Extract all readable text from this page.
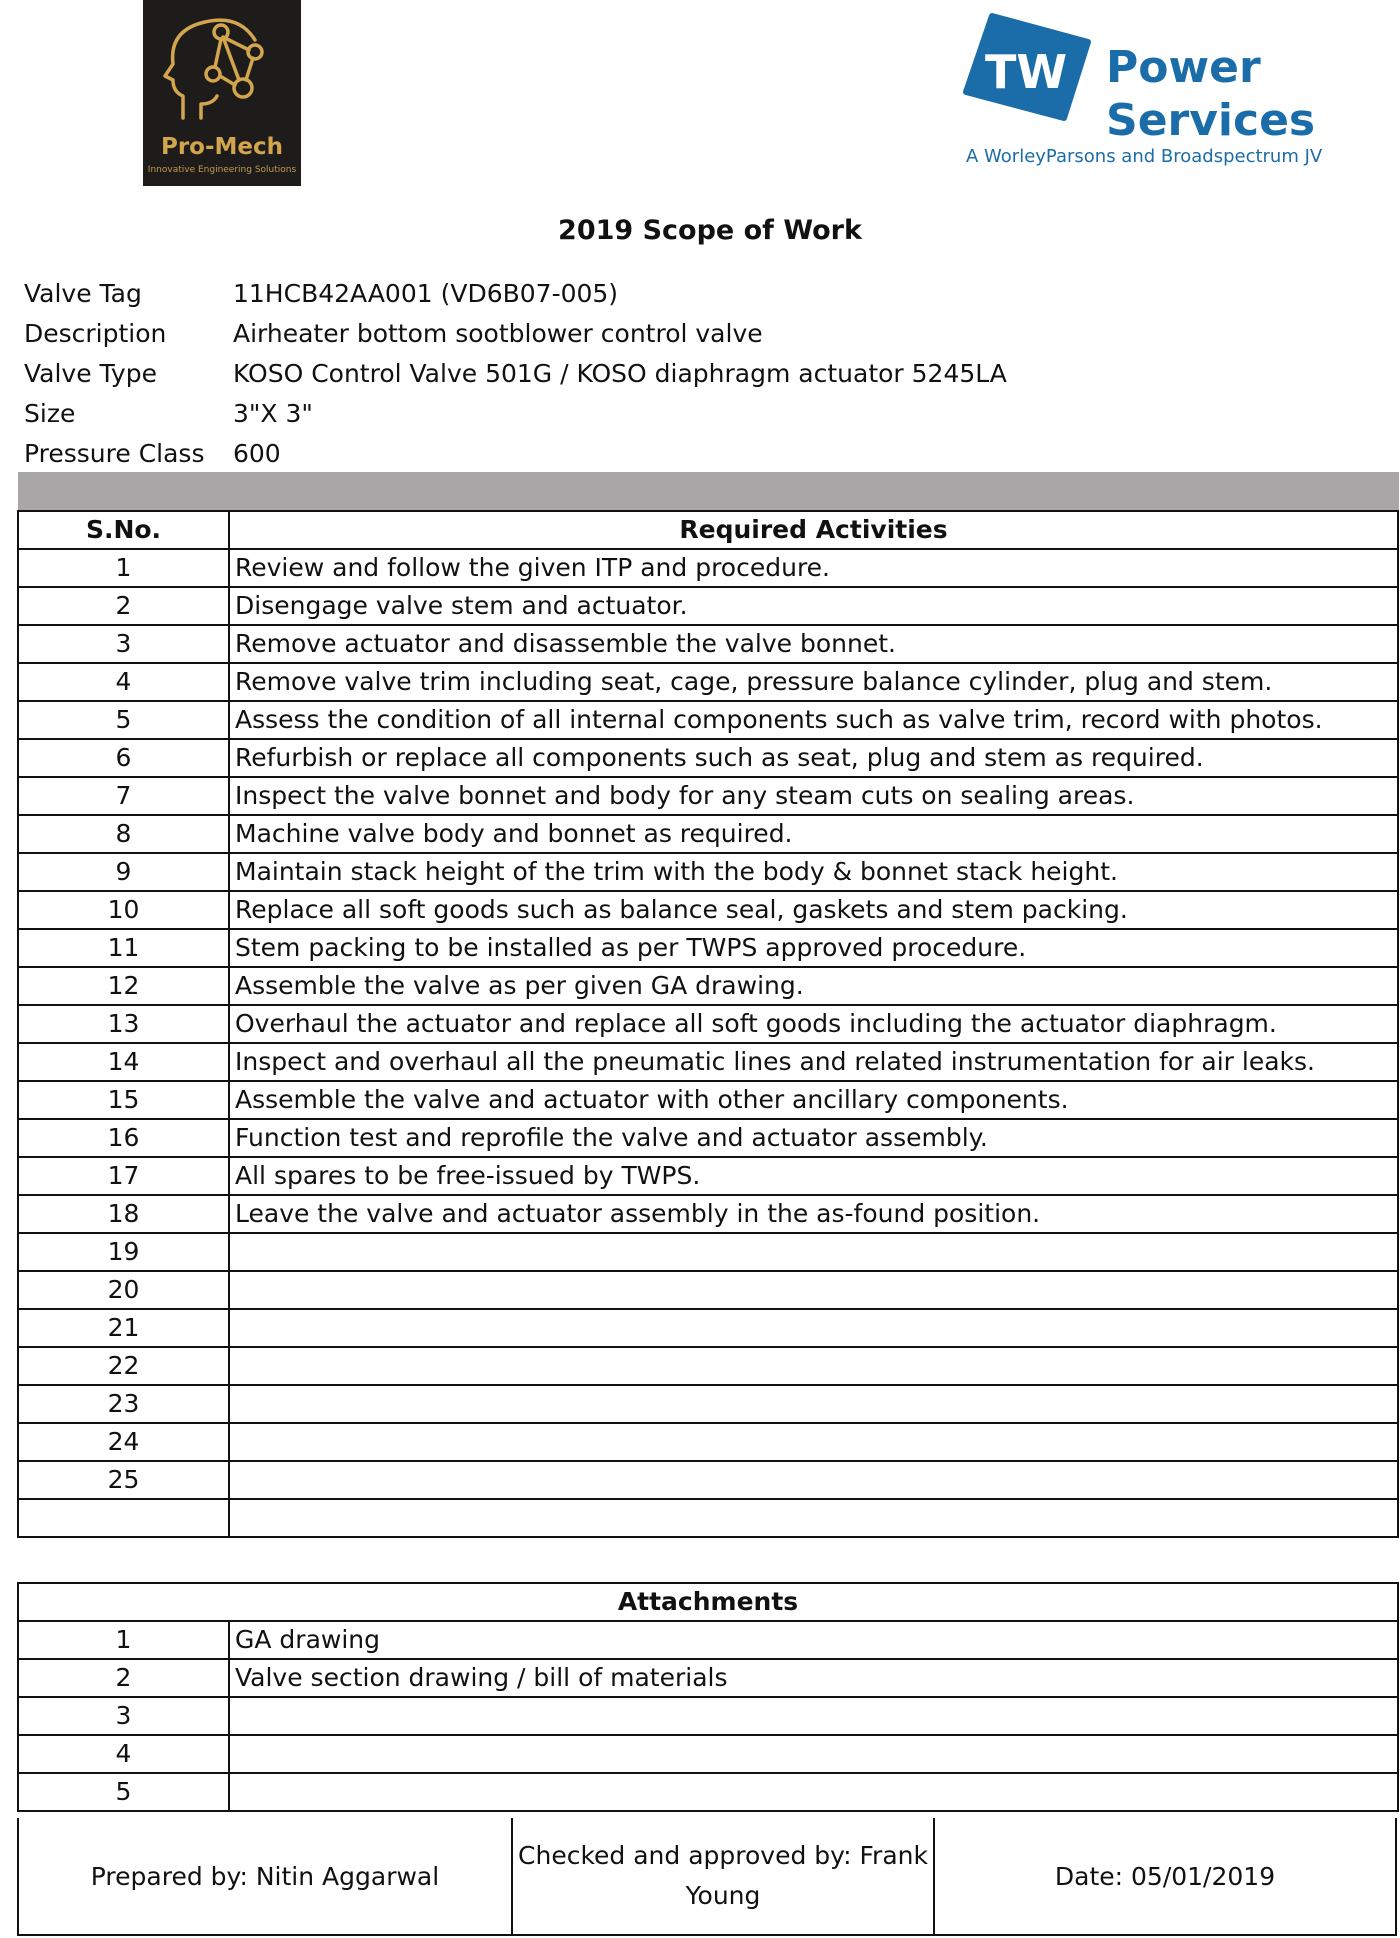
Pro-Mech
Innovative Engineering Solutions
TW Power
Services
A WorleyParsons and Broadspectrum JV
2019 Scope of Work
Valve Tag	11HCB42AA001 (VD6B07-005)
Description	Airheater bottom sootblower control valve
Valve Type	KOSO Control Valve 501G / KOSO diaphragm actuator 5245LA
Size	3"X 3"
Pressure Class 600
S.No.	Required Activities
1	Review and follow the given ITP and procedure.
2	Disengage valve stem and actuator.
3	Remove actuator and disassemble the valve bonnet.
4	Remove valve trim including seat, cage, pressure balance cylinder, plug and stem.
5	Assess the condition of all internal components such as valve trim, record with photos.
6	Refurbish or replace all components such as seat, plug and stem as required.
7	Inspect the valve bonnet and body for any steam cuts on sealing areas.
8	Machine valve body and bonnet as required.
9	Maintain stack height of the trim with the body & bonnet stack height.
10	Replace all soft goods such as balance seal, gaskets and stem packing.
11	Stem packing to be installed as per TWPS approved procedure.
12	Assemble the valve as per given GA drawing.
13	Overhaul the actuator and replace all soft goods including the actuator diaphragm.
14	Inspect and overhaul all the pneumatic lines and related instrumentation for air leaks.
15	Assemble the valve and actuator with other ancillary components.
16	Function test and reprofile the valve and actuator assembly.
17	All spares to be free-issued by TWPS.
18	Leave the valve and actuator assembly in the as-found position.
19	
20	
21	
22	
23	
24	
25	

Attachments	
1	GA drawing
2	Valve section drawing / bill of materials
3	
4	
5	
Prepared by: Nitin Aggarwal
Checked and approved by: Frank
Young
Date: 05/01/2019
